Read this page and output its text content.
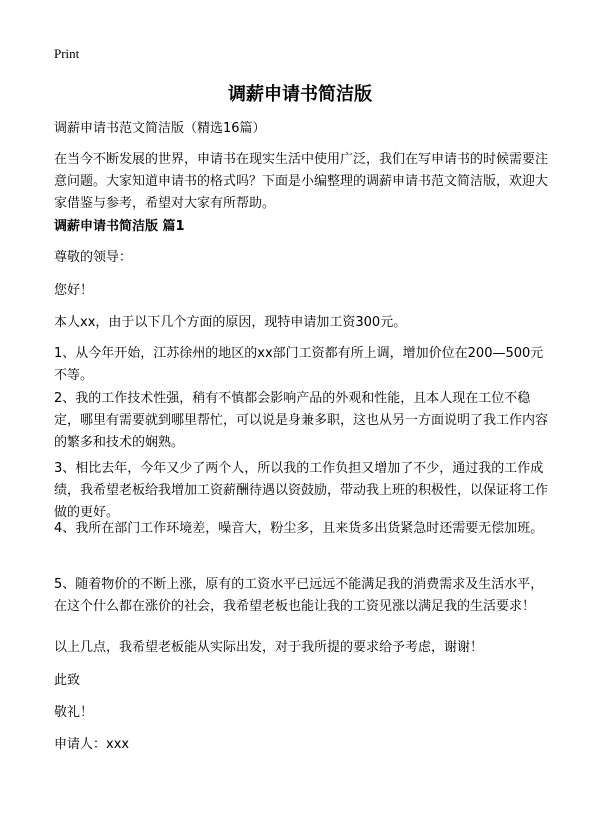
Print
调薪申请书简洁版

调薪申请书范文简洁版（精选16篇）

在当今不断发展的世界，申请书在现实生活中使用广泛，我们在写申请书的时候需要注意问题。大家知道申请书的格式吗？下面是小编整理的调薪申请书范文简洁版，欢迎大家借鉴与参考，希望对大家有所帮助。

调薪申请书简洁版 篇1

尊敬的领导：

您好！

本人xx，由于以下几个方面的原因，现特申请加工资300元。

1、从今年开始，江苏徐州的地区的xx部门工资都有所上调，增加价位在200—500元不等。

2、我的工作技术性强，稍有不慎都会影响产品的外观和性能，且本人现在工位不稳定，哪里有需要就到哪里帮忙，可以说是身兼多职，这也从另一方面说明了我工作内容的繁多和技术的娴熟。

3、相比去年，今年又少了两个人，所以我的工作负担又增加了不少，通过我的工作成绩，我希望老板给我增加工资薪酬待遇以资鼓励，带动我上班的积极性，以保证将工作做的更好。

4、我所在部门工作环境差，噪音大，粉尘多，且来货多出货紧急时还需要无偿加班。

5、随着物价的不断上涨，原有的工资水平已远远不能满足我的消费需求及生活水平，在这个什么都在涨价的社会，我希望老板也能让我的工资见涨以满足我的生活要求！

以上几点，我希望老板能从实际出发，对于我所提的要求给予考虑，谢谢！

此致

敬礼！

申请人：xxx
